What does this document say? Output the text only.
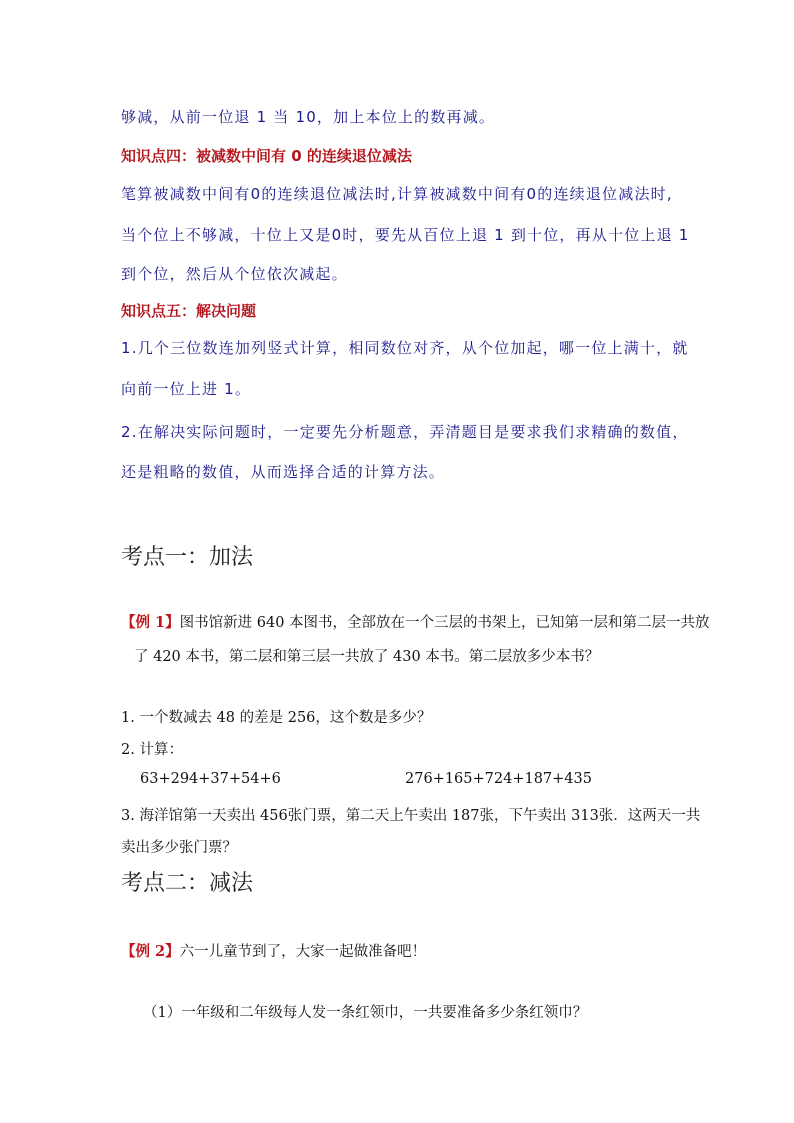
够减，从前一位退 1 当 10，加上本位上的数再减。
知识点四：被减数中间有 0 的连续退位减法
笔算被减数中间有0的连续退位减法时,计算被减数中间有0的连续退位减法时,
当个位上不够减，十位上又是0时，要先从百位上退 1 到十位，再从十位上退 1
到个位，然后从个位依次减起。
知识点五：解决问题
1.几个三位数连加列竖式计算，相同数位对齐，从个位加起，哪一位上满十，就
向前一位上进 1。
2.在解决实际问题时，一定要先分析题意，弄清题目是要求我们求精确的数值，
还是粗略的数值，从而选择合适的计算方法。
考点一：加法
【例 1】图书馆新进 640 本图书，全部放在一个三层的书架上，已知第一层和第二层一共放
了 420 本书，第二层和第三层一共放了 430 本书。第二层放多少本书？
1. 一个数减去 48 的差是 256，这个数是多少？
2. 计算：
63+294+37+54+6	276+165+724+187+435
3. 海洋馆第一天卖出 456张门票，第二天上午卖出 187张，下午卖出 313张．这两天一共
卖出多少张门票？
考点二：减法
【例 2】六一儿童节到了，大家一起做准备吧！
（1）一年级和二年级每人发一条红领巾，一共要准备多少条红领巾？
